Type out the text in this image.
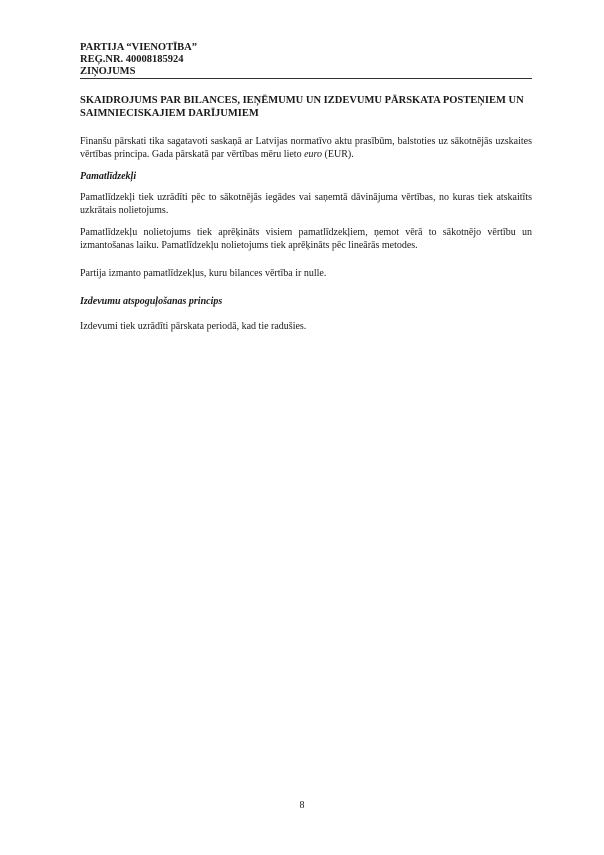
PARTIJA “VIENOTĪBA”
REĢ.NR. 40008185924
ZIŅOJUMS
SKAIDROJUMS PAR BILANCES, IEŅĒMUMU UN IZDEVUMU PĀRSKATA POSTEŅIEM UN
SAIMNIECISKAJIEM DARĪJUMIEM
Finanšu pārskati tika sagatavoti saskaņā ar Latvijas normatīvo aktu prasībūm, balstoties uz sākotnējās uzskaites vērtības principa. Gada pārskatā par vērtības mēru lieto euro (EUR).
Pamatlīdzekļi
Pamatlīdzekļi tiek uzrādīti pēc to sākotnējās iegādes vai saņemtā dāvinājuma vērtības, no kuras tiek atskaitīts uzkrātais nolietojums.
Pamatlīdzekļu nolietojums tiek aprēķināts visiem pamatlīdzekļiem, ņemot vērā to sākotnējo vērtību un izmantošanas laiku. Pamatlīdzekļu nolietojums tiek aprēķināts pēc lineārās metodes.
Partija izmanto pamatlīdzekļus, kuru bilances vērtība ir nulle.
Izdevumu atspoguļošanas princips
Izdevumi tiek uzrādīti pārskata periodā, kad tie radušies.
8
